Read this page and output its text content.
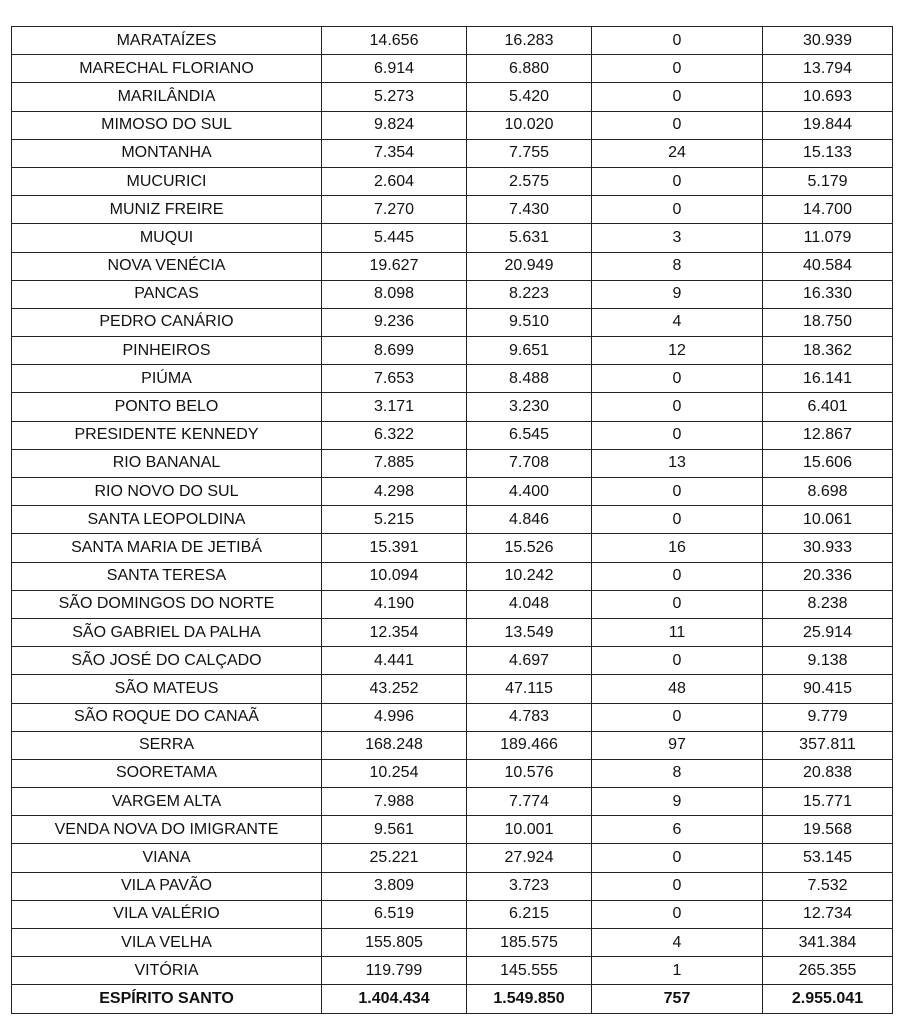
MARATAÍZES	14.656	16.283	0	30.939
MARECHAL FLORIANO	6.914	6.880	0	13.794
MARILÂNDIA	5.273	5.420	0	10.693
MIMOSO DO SUL	9.824	10.020	0	19.844
MONTANHA	7.354	7.755	24	15.133
MUCURICI	2.604	2.575	0	5.179
MUNIZ FREIRE	7.270	7.430	0	14.700
MUQUI	5.445	5.631	3	11.079
NOVA VENÉCIA	19.627	20.949	8	40.584
PANCAS	8.098	8.223	9	16.330
PEDRO CANÁRIO	9.236	9.510	4	18.750
PINHEIROS	8.699	9.651	12	18.362
PIÚMA	7.653	8.488	0	16.141
PONTO BELO	3.171	3.230	0	6.401
PRESIDENTE KENNEDY	6.322	6.545	0	12.867
RIO BANANAL	7.885	7.708	13	15.606
RIO NOVO DO SUL	4.298	4.400	0	8.698
SANTA LEOPOLDINA	5.215	4.846	0	10.061
SANTA MARIA DE JETIBÁ	15.391	15.526	16	30.933
SANTA TERESA	10.094	10.242	0	20.336
SÃO DOMINGOS DO NORTE	4.190	4.048	0	8.238
SÃO GABRIEL DA PALHA	12.354	13.549	11	25.914
SÃO JOSÉ DO CALÇADO	4.441	4.697	0	9.138
SÃO MATEUS	43.252	47.115	48	90.415
SÃO ROQUE DO CANAÃ	4.996	4.783	0	9.779
SERRA	168.248	189.466	97	357.811
SOORETAMA	10.254	10.576	8	20.838
VARGEM ALTA	7.988	7.774	9	15.771
VENDA NOVA DO IMIGRANTE	9.561	10.001	6	19.568
VIANA	25.221	27.924	0	53.145
VILA PAVÃO	3.809	3.723	0	7.532
VILA VALÉRIO	6.519	6.215	0	12.734
VILA VELHA	155.805	185.575	4	341.384
VITÓRIA	119.799	145.555	1	265.355
ESPÍRITO SANTO	1.404.434	1.549.850	757	2.955.041
